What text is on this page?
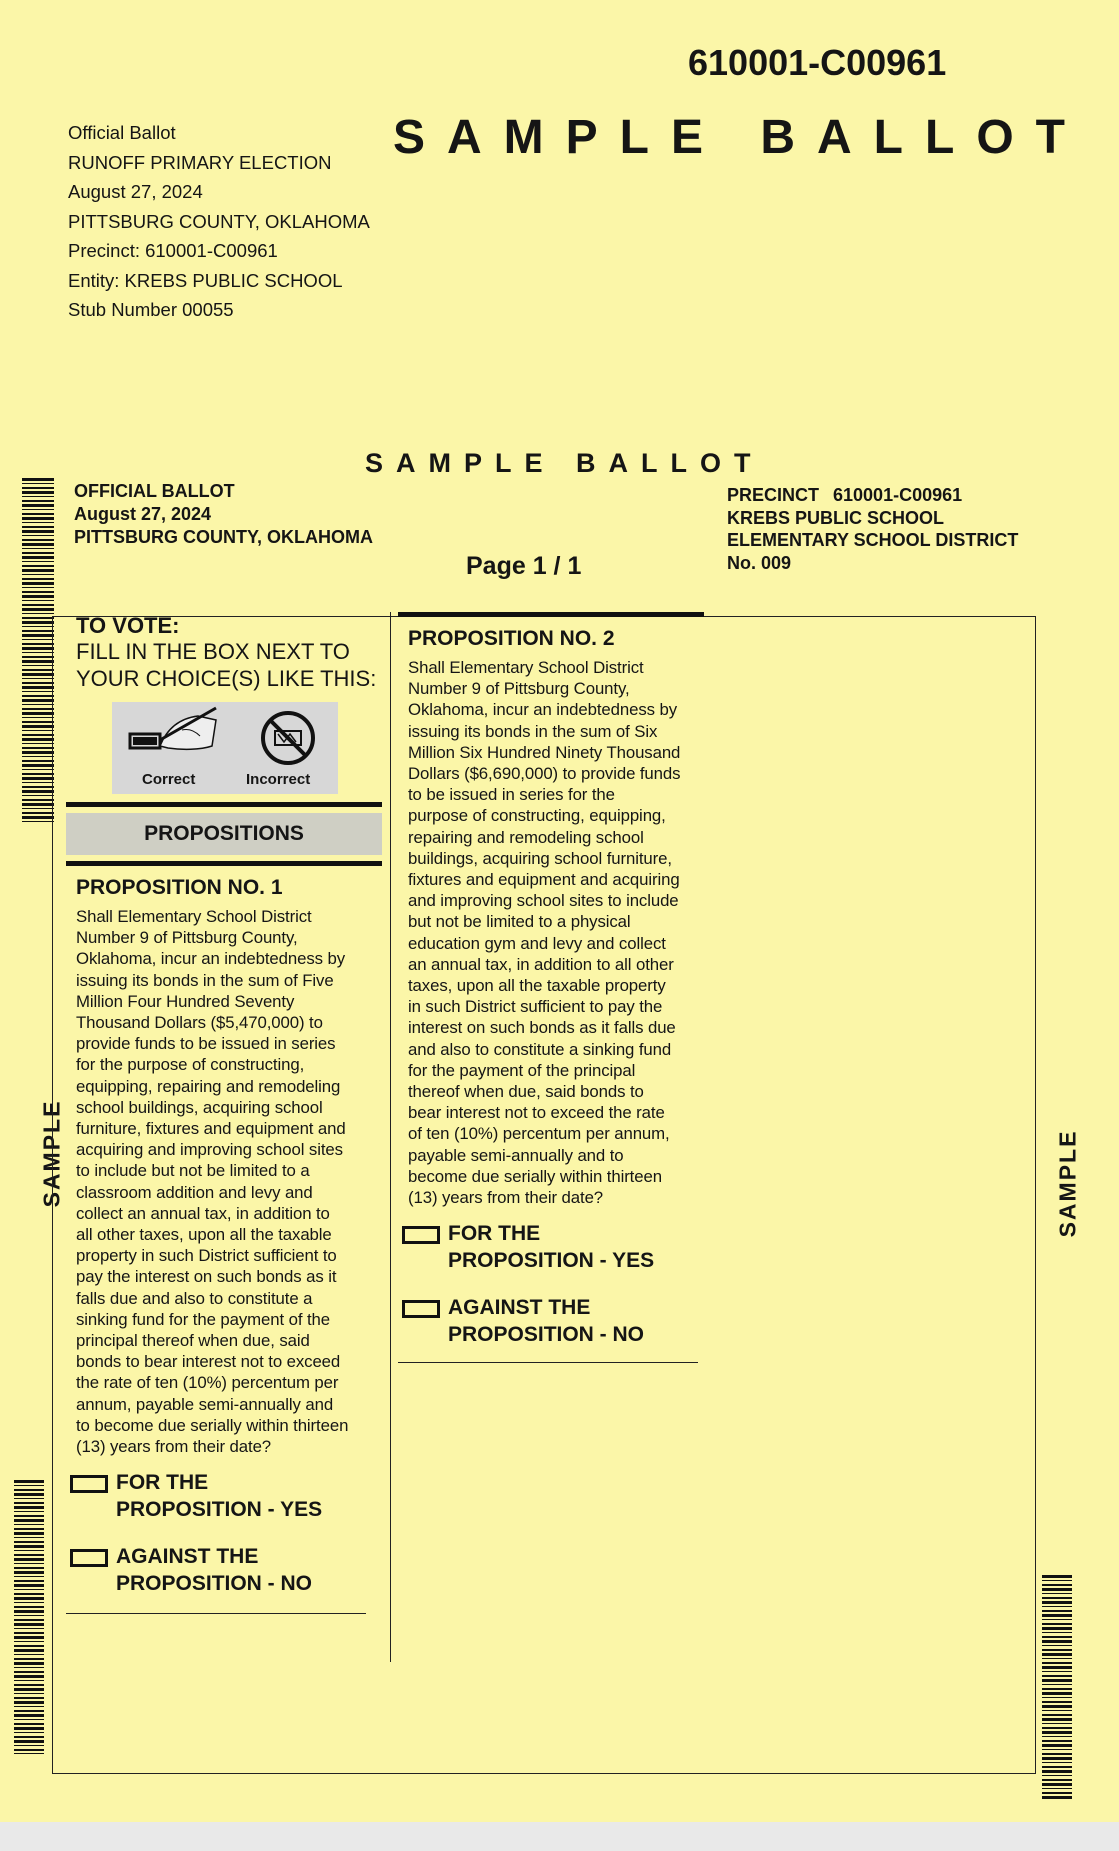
610001-C00961
SAMPLE BALLOT
Official Ballot
RUNOFF PRIMARY ELECTION
August 27, 2024
PITTSBURG COUNTY, OKLAHOMA
Precinct: 610001-C00961
Entity: KREBS PUBLIC SCHOOL
Stub Number 00055
SAMPLE BALLOT
OFFICIAL BALLOT
August 27, 2024
PITTSBURG COUNTY, OKLAHOMA
Page 1 / 1
PRECINCT 610001-C00961
KREBS PUBLIC SCHOOL
ELEMENTARY SCHOOL DISTRICT
No. 009
SAMPLE	SAMPLE
TO VOTE:
FILL IN THE BOX NEXT TO
YOUR CHOICE(S) LIKE THIS:
Correct	Incorrect
PROPOSITIONS
PROPOSITION NO. 1
Shall Elementary School District
Number 9 of Pittsburg County,
Oklahoma, incur an indebtedness by
issuing its bonds in the sum of Five
Million Four Hundred Seventy
Thousand Dollars ($5,470,000) to
provide funds to be issued in series
for the purpose of constructing,
equipping, repairing and remodeling
school buildings, acquiring school
furniture, fixtures and equipment and
acquiring and improving school sites
to include but not be limited to a
classroom addition and levy and
collect an annual tax, in addition to
all other taxes, upon all the taxable
property in such District sufficient to
pay the interest on such bonds as it
falls due and also to constitute a
sinking fund for the payment of the
principal thereof when due, said
bonds to bear interest not to exceed
the rate of ten (10%) percentum per
annum, payable semi-annually and
to become due serially within thirteen
(13) years from their date?
FOR THE
PROPOSITION - YES
AGAINST THE
PROPOSITION - NO
PROPOSITION NO. 2
Shall Elementary School District
Number 9 of Pittsburg County,
Oklahoma, incur an indebtedness by
issuing its bonds in the sum of Six
Million Six Hundred Ninety Thousand
Dollars ($6,690,000) to provide funds
to be issued in series for the
purpose of constructing, equipping,
repairing and remodeling school
buildings, acquiring school furniture,
fixtures and equipment and acquiring
and improving school sites to include
but not be limited to a physical
education gym and levy and collect
an annual tax, in addition to all other
taxes, upon all the taxable property
in such District sufficient to pay the
interest on such bonds as it falls due
and also to constitute a sinking fund
for the payment of the principal
thereof when due, said bonds to
bear interest not to exceed the rate
of ten (10%) percentum per annum,
payable semi-annually and to
become due serially within thirteen
(13) years from their date?
FOR THE
PROPOSITION - YES
AGAINST THE
PROPOSITION - NO
